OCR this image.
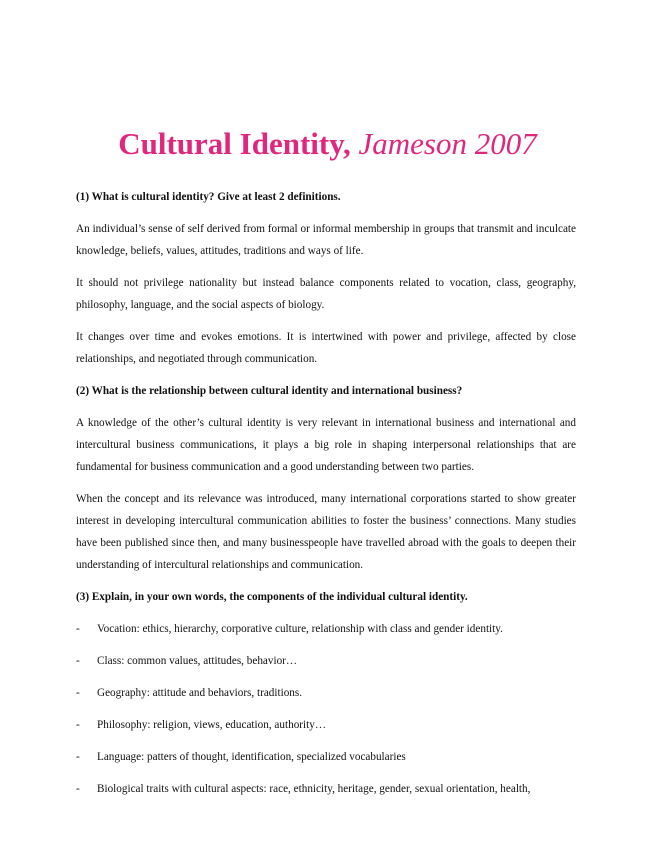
Cultural Identity, Jameson 2007
(1) What is cultural identity? Give at least 2 definitions.
An individual’s sense of self derived from formal or informal membership in groups that transmit and inculcate knowledge, beliefs, values, attitudes, traditions and ways of life.
It should not privilege nationality but instead balance components related to vocation, class, geography, philosophy, language, and the social aspects of biology.
It changes over time and evokes emotions. It is intertwined with power and privilege, affected by close relationships, and negotiated through communication.
(2) What is the relationship between cultural identity and international business?
A knowledge of the other’s cultural identity is very relevant in international business and international and intercultural business communications, it plays a big role in shaping interpersonal relationships that are fundamental for business communication and a good understanding between two parties.
When the concept and its relevance was introduced, many international corporations started to show greater interest in developing intercultural communication abilities to foster the business’ connections. Many studies have been published since then, and many businesspeople have travelled abroad with the goals to deepen their understanding of intercultural relationships and communication.
(3) Explain, in your own words, the components of the individual cultural identity.
-	Vocation: ethics, hierarchy, corporative culture, relationship with class and gender identity.
-	Class: common values, attitudes, behavior…
-	Geography: attitude and behaviors, traditions.
-	Philosophy: religion, views, education, authority…
-	Language: patters of thought, identification, specialized vocabularies
-	Biological traits with cultural aspects: race, ethnicity, heritage, gender, sexual orientation, health,
